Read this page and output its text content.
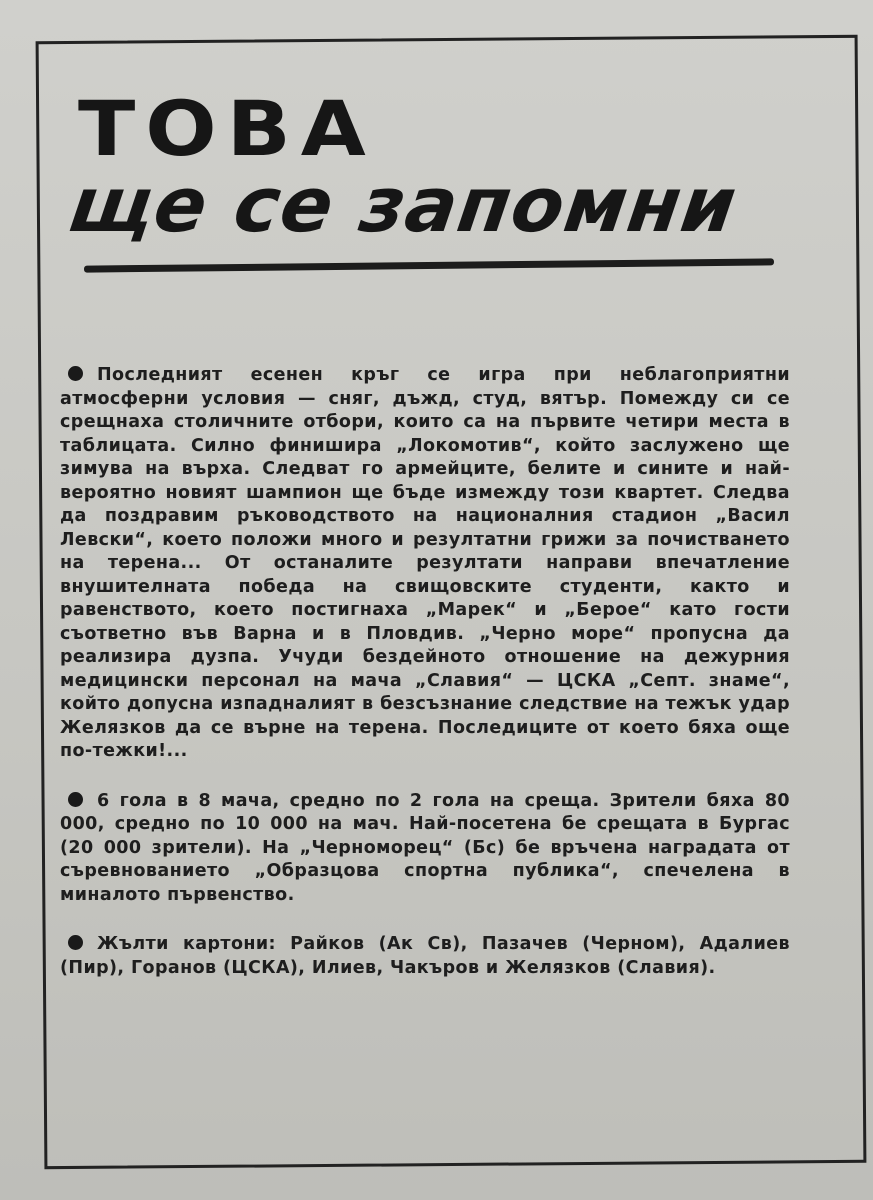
ТОВА
ще се запомни

Последният есенен кръг се игра при неблагоприятни атмосферни условия — сняг, дъжд, студ, вятър. Помежду си се срещнаха столичните отбори, които са на първите четири места в таблицата. Силно финишира „Локомотив“, който заслужено ще зимува на върха. Следват го армейците, белите и сините и най-вероятно новият шампион ще бъде измежду този квартет. Следва да поздравим ръководството на националния стадион „Васил Левски“, което положи много и резултатни грижи за почистването на терена... От останалите резултати направи впечатление внушителната победа на свищовските студенти, както и равенството, което постигнаха „Марек“ и „Берое“ като гости съответно във Варна и в Пловдив. „Черно море“ пропусна да реализира дузпа. Учуди бездейното отношение на дежурния медицински персонал на мача „Славия“ — ЦСКА „Септ. знаме“, който допусна изпадналият в безсъзнание следствие на тежък удар Желязков да се върне на терена. Последиците от което бяха още по-тежки!...

6 гола в 8 мача, средно по 2 гола на среща. Зрители бяха 80 000, средно по 10 000 на мач. Най-посетена бе срещата в Бургас (20 000 зрители). На „Черноморец“ (Бс) бе връчена наградата от съревнованието „Образцова спортна публика“, спечелена в миналото първенство.

Жълти картони: Райков (Ак Св), Пазачев (Черном), Адалиев (Пир), Горанов (ЦСКА), Илиев, Чакъров и Желязков (Славия).
